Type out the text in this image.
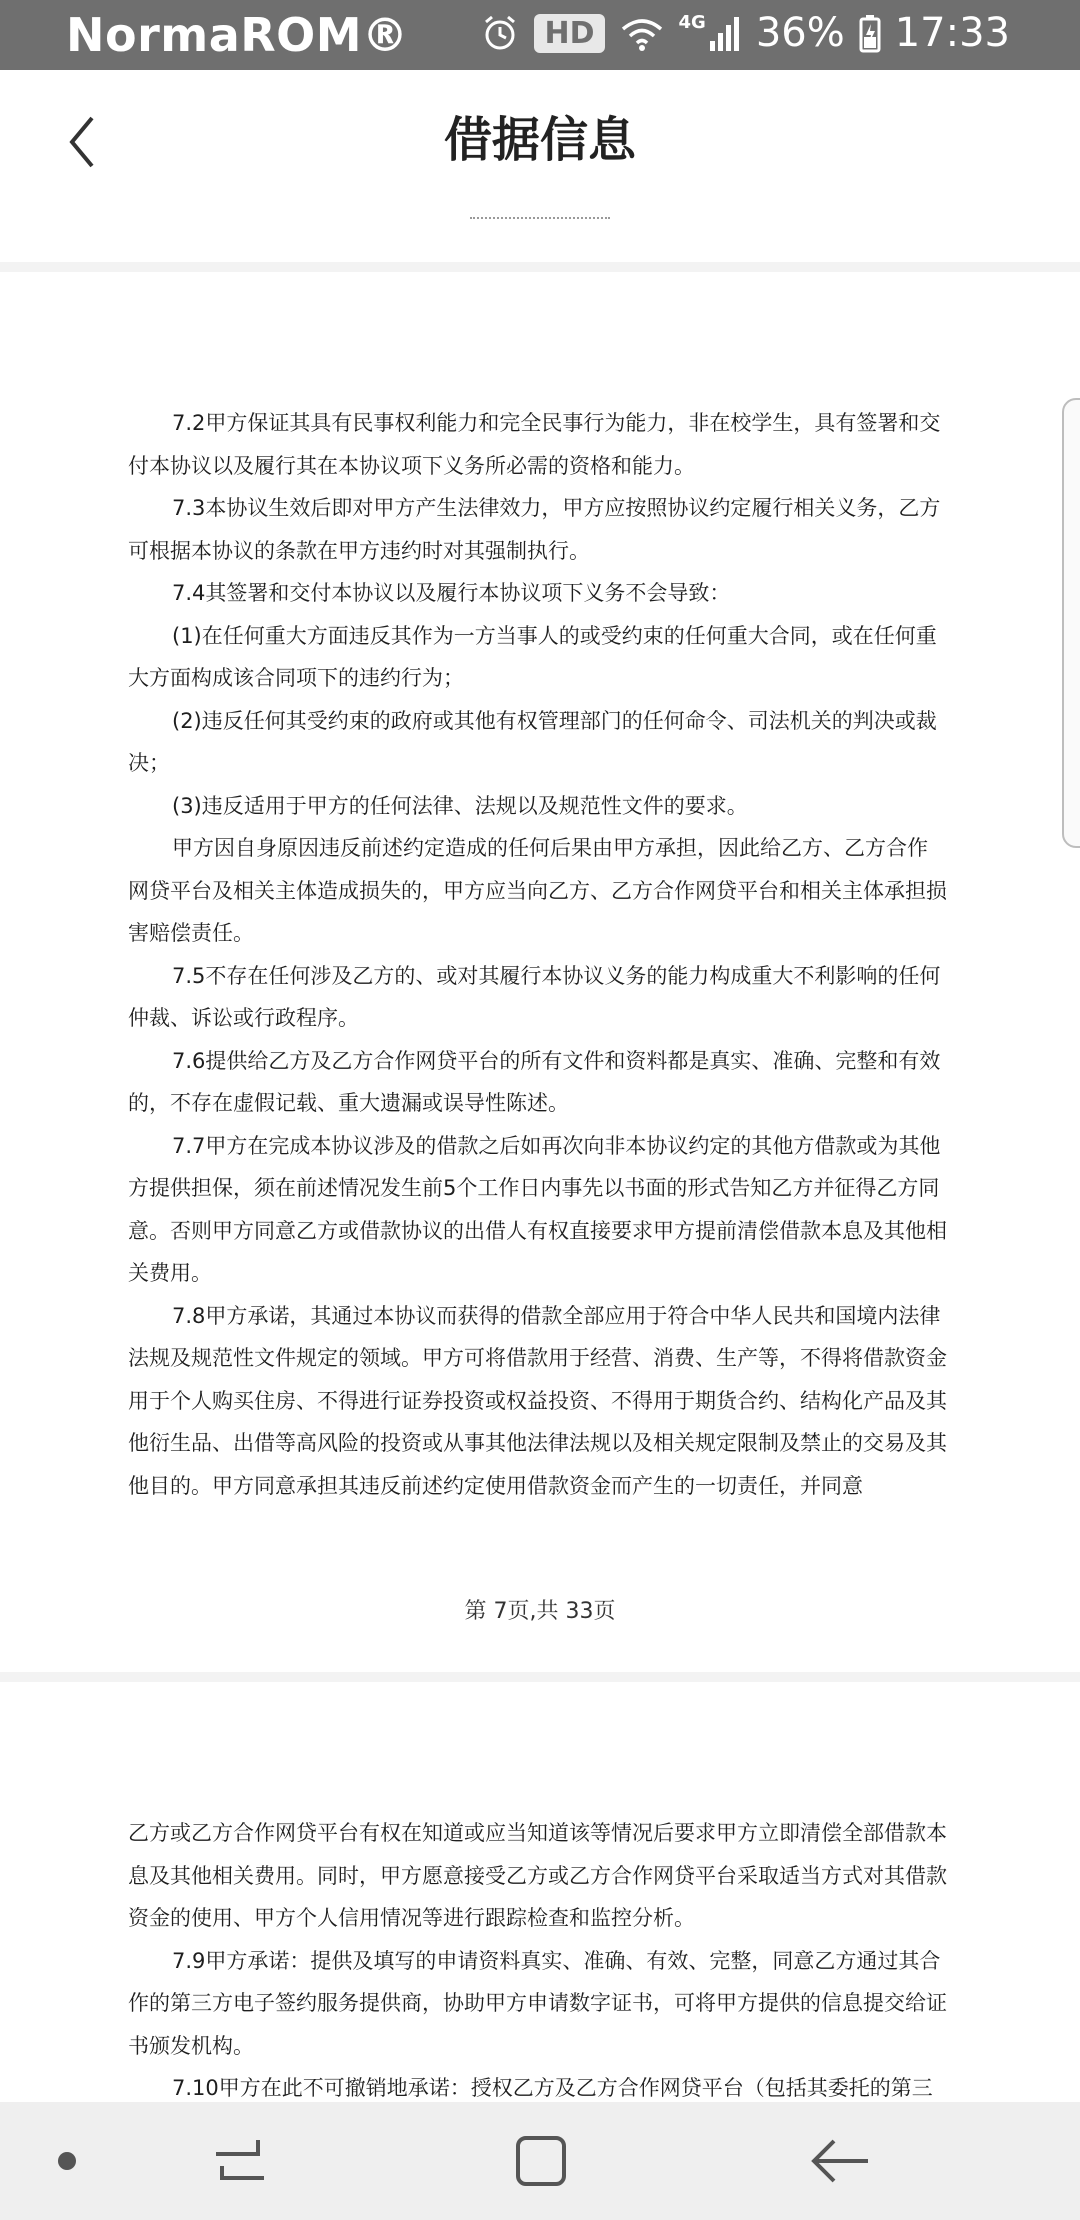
NormaROM®	HD	4G 36% 17:33
借据信息

7.2甲方保证其具有民事权利能力和完全民事行为能力，非在校学生，具有签署和交付本协议以及履行其在本协议项下义务所必需的资格和能力。

7.3本协议生效后即对甲方产生法律效力，甲方应按照协议约定履行相关义务，乙方可根据本协议的条款在甲方违约时对其强制执行。

7.4其签署和交付本协议以及履行本协议项下义务不会导致：

(1)在任何重大方面违反其作为一方当事人的或受约束的任何重大合同，或在任何重大方面构成该合同项下的违约行为；

(2)违反任何其受约束的政府或其他有权管理部门的任何命令、司法机关的判决或裁决；

(3)违反适用于甲方的任何法律、法规以及规范性文件的要求。

甲方因自身原因违反前述约定造成的任何后果由甲方承担，因此给乙方、乙方合作网贷平台及相关主体造成损失的，甲方应当向乙方、乙方合作网贷平台和相关主体承担损害赔偿责任。

7.5不存在任何涉及乙方的、或对其履行本协议义务的能力构成重大不利影响的任何仲裁、诉讼或行政程序。

7.6提供给乙方及乙方合作网贷平台的所有文件和资料都是真实、准确、完整和有效的，不存在虚假记载、重大遗漏或误导性陈述。

7.7甲方在完成本协议涉及的借款之后如再次向非本协议约定的其他方借款或为其他方提供担保，须在前述情况发生前5个工作日内事先以书面的形式告知乙方并征得乙方同意。否则甲方同意乙方或借款协议的出借人有权直接要求甲方提前清偿借款本息及其他相关费用。

7.8甲方承诺，其通过本协议而获得的借款全部应用于符合中华人民共和国境内法律法规及规范性文件规定的领域。甲方可将借款用于经营、消费、生产等，不得将借款资金用于个人购买住房、不得进行证券投资或权益投资、不得用于期货合约、结构化产品及其他衍生品、出借等高风险的投资或从事其他法律法规以及相关规定限制及禁止的交易及其他目的。甲方同意承担其违反前述约定使用借款资金而产生的一切责任，并同意

第 7页,共 33页

乙方或乙方合作网贷平台有权在知道或应当知道该等情况后要求甲方立即清偿全部借款本息及其他相关费用。同时，甲方愿意接受乙方或乙方合作网贷平台采取适当方式对其借款资金的使用、甲方个人信用情况等进行跟踪检查和监控分析。

7.9甲方承诺：提供及填写的申请资料真实、准确、有效、完整，同意乙方通过其合作的第三方电子签约服务提供商，协助甲方申请数字证书，可将甲方提供的信息提交给证书颁发机构。

7.10甲方在此不可撤销地承诺：授权乙方及乙方合作网贷平台（包括其委托的第三
